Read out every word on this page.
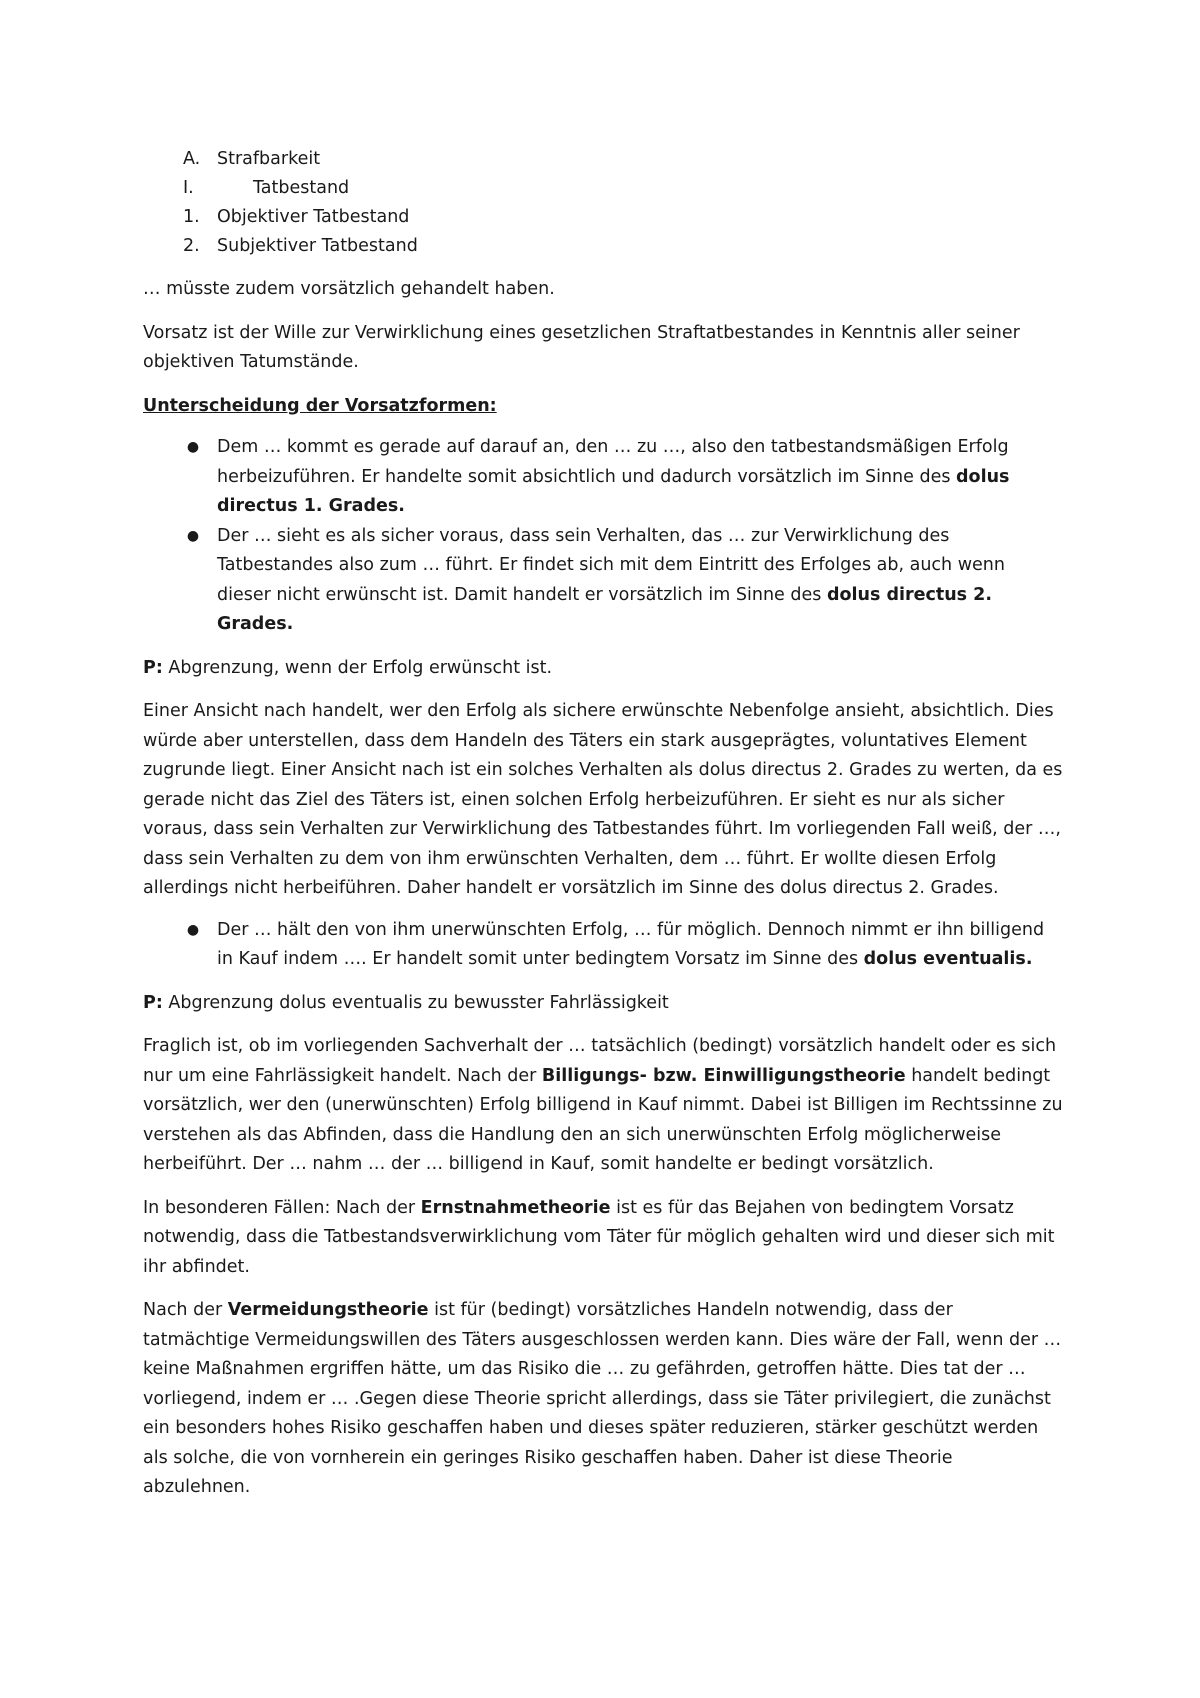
A. Strafbarkeit
I.	Tatbestand
1. Objektiver Tatbestand
2. Subjektiver Tatbestand

… müsste zudem vorsätzlich gehandelt haben.

Vorsatz ist der Wille zur Verwirklichung eines gesetzlichen Straftatbestandes in Kenntnis aller seiner objektiven Tatumstände.

Unterscheidung der Vorsatzformen:

● Dem … kommt es gerade auf darauf an, den … zu …, also den tatbestandsmäßigen Erfolg herbeizuführen. Er handelte somit absichtlich und dadurch vorsätzlich im Sinne des dolus directus 1. Grades.
● Der … sieht es als sicher voraus, dass sein Verhalten, das … zur Verwirklichung des Tatbestandes also zum … führt. Er findet sich mit dem Eintritt des Erfolges ab, auch wenn dieser nicht erwünscht ist. Damit handelt er vorsätzlich im Sinne des dolus directus 2. Grades.

P: Abgrenzung, wenn der Erfolg erwünscht ist.

Einer Ansicht nach handelt, wer den Erfolg als sichere erwünschte Nebenfolge ansieht, absichtlich. Dies würde aber unterstellen, dass dem Handeln des Täters ein stark ausgeprägtes, voluntatives Element zugrunde liegt. Einer Ansicht nach ist ein solches Verhalten als dolus directus 2. Grades zu werten, da es gerade nicht das Ziel des Täters ist, einen solchen Erfolg herbeizuführen. Er sieht es nur als sicher voraus, dass sein Verhalten zur Verwirklichung des Tatbestandes führt. Im vorliegenden Fall weiß, der …, dass sein Verhalten zu dem von ihm erwünschten Verhalten, dem … führt. Er wollte diesen Erfolg allerdings nicht herbeiführen. Daher handelt er vorsätzlich im Sinne des dolus directus 2. Grades.

● Der … hält den von ihm unerwünschten Erfolg, … für möglich. Dennoch nimmt er ihn billigend in Kauf indem …. Er handelt somit unter bedingtem Vorsatz im Sinne des dolus eventualis.

P: Abgrenzung dolus eventualis zu bewusster Fahrlässigkeit

Fraglich ist, ob im vorliegenden Sachverhalt der … tatsächlich (bedingt) vorsätzlich handelt oder es sich nur um eine Fahrlässigkeit handelt. Nach der Billigungs- bzw. Einwilligungstheorie handelt bedingt vorsätzlich, wer den (unerwünschten) Erfolg billigend in Kauf nimmt. Dabei ist Billigen im Rechtssinne zu verstehen als das Abfinden, dass die Handlung den an sich unerwünschten Erfolg möglicherweise herbeiführt. Der … nahm … der … billigend in Kauf, somit handelte er bedingt vorsätzlich.

In besonderen Fällen: Nach der Ernstnahmetheorie ist es für das Bejahen von bedingtem Vorsatz notwendig, dass die Tatbestandsverwirklichung vom Täter für möglich gehalten wird und dieser sich mit ihr abfindet.

Nach der Vermeidungstheorie ist für (bedingt) vorsätzliches Handeln notwendig, dass der tatmächtige Vermeidungswillen des Täters ausgeschlossen werden kann. Dies wäre der Fall, wenn der … keine Maßnahmen ergriffen hätte, um das Risiko die … zu gefährden, getroffen hätte. Dies tat der … vorliegend, indem er … .Gegen diese Theorie spricht allerdings, dass sie Täter privilegiert, die zunächst ein besonders hohes Risiko geschaffen haben und dieses später reduzieren, stärker geschützt werden als solche, die von vornherein ein geringes Risiko geschaffen haben. Daher ist diese Theorie abzulehnen.
